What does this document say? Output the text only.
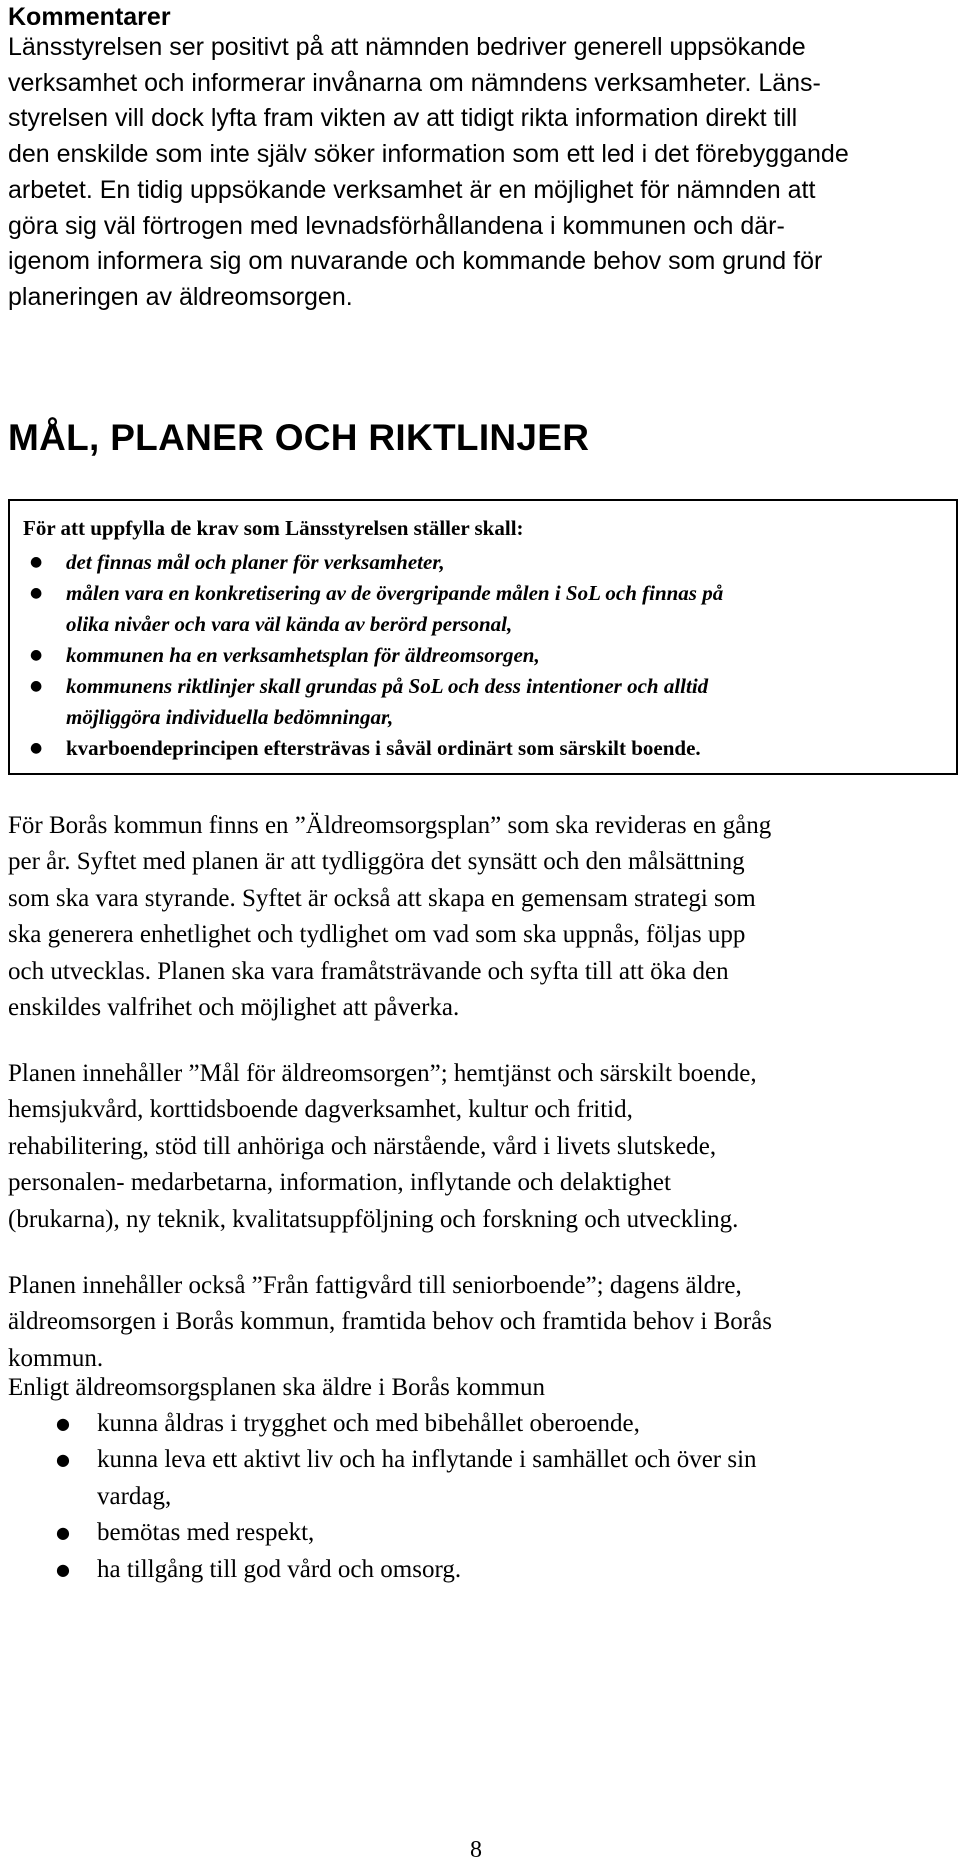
Kommentarer
Länsstyrelsen ser positivt på att nämnden bedriver generell uppsökande
verksamhet och informerar invånarna om nämndens verksamheter. Läns-
styrelsen vill dock lyfta fram vikten av att tidigt rikta information direkt till
den enskilde som inte själv söker information som ett led i det förebyggande
arbetet. En tidig uppsökande verksamhet är en möjlighet för nämnden att
göra sig väl förtrogen med levnadsförhållandena i kommunen och där-
igenom informera sig om nuvarande och kommande behov som grund för
planeringen av äldreomsorgen.
MÅL, PLANER OCH RIKTLINJER
För att uppfylla de krav som Länsstyrelsen ställer skall:
● det finnas mål och planer för verksamheter,
● målen vara en konkretisering av de övergripande målen i SoL och finnas på
olika nivåer och vara väl kända av berörd personal,
● kommunen ha en verksamhetsplan för äldreomsorgen,
● kommunens riktlinjer skall grundas på SoL och dess intentioner och alltid
möjliggöra individuella bedömningar,
● kvarboendeprincipen eftersträvas i såväl ordinärt som särskilt boende.
För Borås kommun finns en ”Äldreomsorgsplan” som ska revideras en gång
per år. Syftet med planen är att tydliggöra det synsätt och den målsättning
som ska vara styrande. Syftet är också att skapa en gemensam strategi som
ska generera enhetlighet och tydlighet om vad som ska uppnås, följas upp
och utvecklas. Planen ska vara framåtsträvande och syfta till att öka den
enskildes valfrihet och möjlighet att påverka.
Planen innehåller ”Mål för äldreomsorgen”; hemtjänst och särskilt boende,
hemsjukvård, korttidsboende dagverksamhet, kultur och fritid,
rehabilitering, stöd till anhöriga och närstående, vård i livets slutskede,
personalen- medarbetarna, information, inflytande och delaktighet
(brukarna), ny teknik, kvalitatsuppföljning och forskning och utveckling.
Planen innehåller också ”Från fattigvård till seniorboende”; dagens äldre,
äldreomsorgen i Borås kommun, framtida behov och framtida behov i Borås
kommun.
Enligt äldreomsorgsplanen ska äldre i Borås kommun
● kunna åldras i trygghet och med bibehållet oberoende,
● kunna leva ett aktivt liv och ha inflytande i samhället och över sin
vardag,
● bemötas med respekt,
● ha tillgång till god vård och omsorg.
8
